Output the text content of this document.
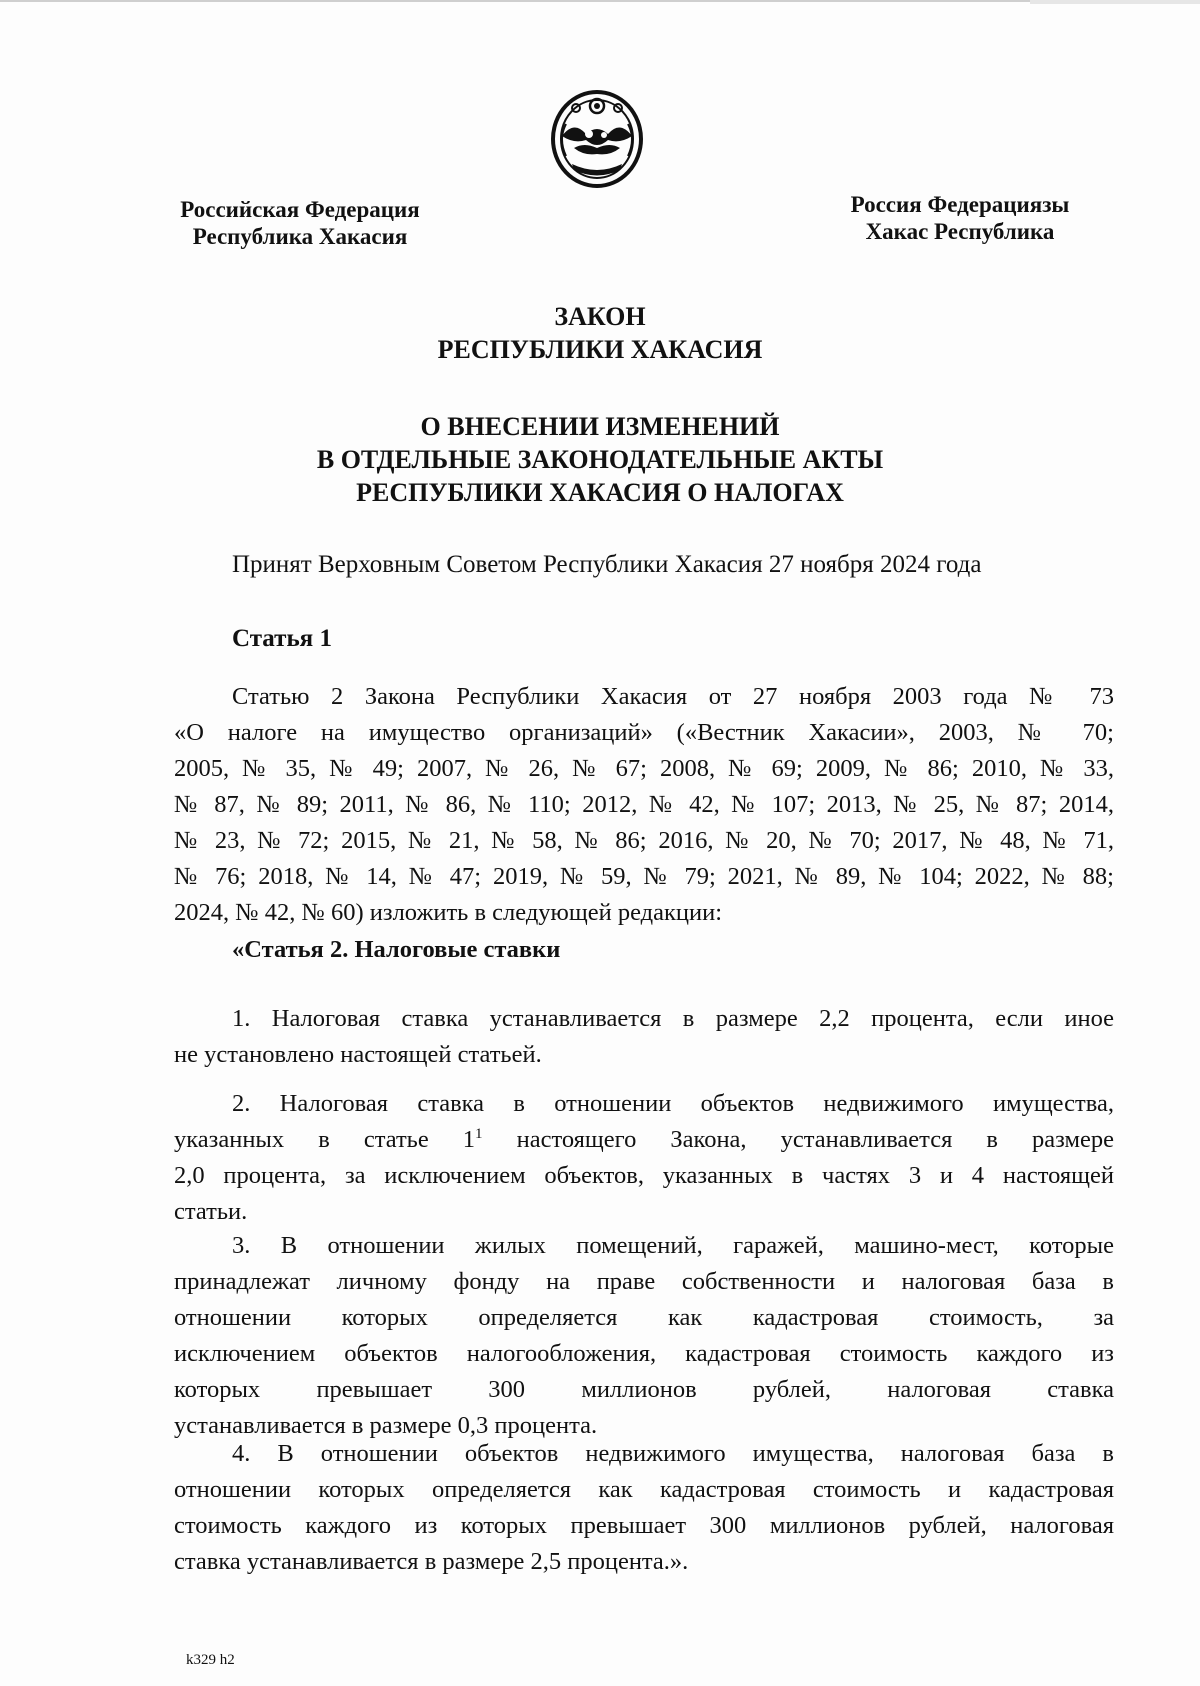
Российская Федерация
Республика Хакасия
Россия Федерациязы
Хакас Республика
ЗАКОН
РЕСПУБЛИКИ ХАКАСИЯ
О ВНЕСЕНИИ ИЗМЕНЕНИЙ
В ОТДЕЛЬНЫЕ ЗАКОНОДАТЕЛЬНЫЕ АКТЫ
РЕСПУБЛИКИ ХАКАСИЯ О НАЛОГАХ
Принят Верховным Советом Республики Хакасия 27 ноября 2024 года
Статья 1
Статью 2 Закона Республики Хакасия от 27 ноября 2003 года № 73
«О налоге на имущество организаций» («Вестник Хакасии», 2003, № 70;
2005, № 35, № 49; 2007, № 26, № 67; 2008, № 69; 2009, № 86; 2010, № 33,
№ 87, № 89; 2011, № 86, № 110; 2012, № 42, № 107; 2013, № 25, № 87; 2014,
№ 23, № 72; 2015, № 21, № 58, № 86; 2016, № 20, № 70; 2017, № 48, № 71,
№ 76; 2018, № 14, № 47; 2019, № 59, № 79; 2021, № 89, № 104; 2022, № 88;
2024, № 42, № 60) изложить в следующей редакции:
«Статья 2. Налоговые ставки
1. Налоговая ставка устанавливается в размере 2,2 процента, если иное
не установлено настоящей статьей.
2. Налоговая ставка в отношении объектов недвижимого имущества,
указанных в статье $1^1$ настоящего Закона, устанавливается в размере
2,0 процента, за исключением объектов, указанных в частях 3 и 4 настоящей
статьи.
3. В отношении жилых помещений, гаражей, машино-мест, которые
принадлежат личному фонду на праве собственности и налоговая база в
отношении которых определяется как кадастровая стоимость, за
исключением объектов налогообложения, кадастровая стоимость каждого из
которых превышает 300 миллионов рублей, налоговая ставка
устанавливается в размере 0,3 процента.
4. В отношении объектов недвижимого имущества, налоговая база в
отношении которых определяется как кадастровая стоимость и кадастровая
стоимость каждого из которых превышает 300 миллионов рублей, налоговая
ставка устанавливается в размере 2,5 процента.».
k329 h2
